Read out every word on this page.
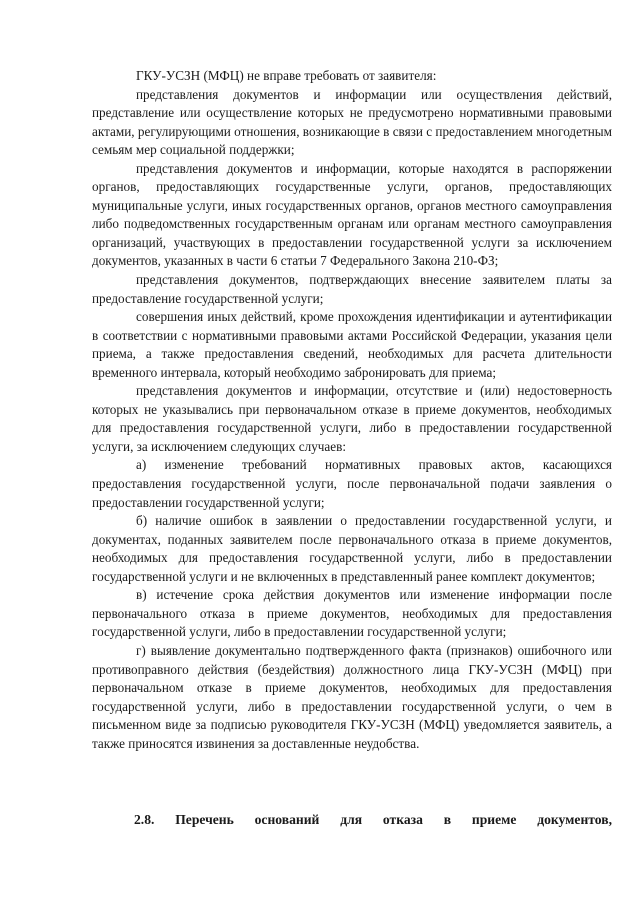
ГКУ-УСЗН (МФЦ) не вправе требовать от заявителя:

представления документов и информации или осуществления действий, представление или осуществление которых не предусмотрено нормативными правовыми актами, регулирующими отношения, возникающие в связи с предоставлением многодетным семьям мер социальной поддержки;

представления документов и информации, которые находятся в распоряжении органов, предоставляющих государственные услуги, органов, предоставляющих муниципальные услуги, иных государственных органов, органов местного самоуправления либо подведомственных государственным органам или органам местного самоуправления организаций, участвующих в предоставлении государственной услуги за исключением документов, указанных в части 6 статьи 7 Федерального Закона 210-ФЗ;

представления документов, подтверждающих внесение заявителем платы за предоставление государственной услуги;

совершения иных действий, кроме прохождения идентификации и аутентификации в соответствии с нормативными правовыми актами Российской Федерации, указания цели приема, а также предоставления сведений, необходимых для расчета длительности временного интервала, который необходимо забронировать для приема;

представления документов и информации, отсутствие и (или) недостоверность которых не указывались при первоначальном отказе в приеме документов, необходимых для предоставления государственной услуги, либо в предоставлении государственной услуги, за исключением следующих случаев:

а) изменение требований нормативных правовых актов, касающихся предоставления государственной услуги, после первоначальной подачи заявления о предоставлении государственной услуги;

б) наличие ошибок в заявлении о предоставлении государственной услуги, и документах, поданных заявителем после первоначального отказа в приеме документов, необходимых для предоставления государственной услуги, либо в предоставлении государственной услуги и не включенных в представленный ранее комплект документов;

в) истечение срока действия документов или изменение информации после первоначального отказа в приеме документов, необходимых для предоставления государственной услуги, либо в предоставлении государственной услуги;

г) выявление документально подтвержденного факта (признаков) ошибочного или противоправного действия (бездействия) должностного лица ГКУ-УСЗН (МФЦ) при первоначальном отказе в приеме документов, необходимых для предоставления государственной услуги, либо в предоставлении государственной услуги, о чем в письменном виде за подписью руководителя ГКУ-УСЗН (МФЦ) уведомляется заявитель, а также приносятся извинения за доставленные неудобства.

2.8. Перечень оснований для отказа в приеме документов,
